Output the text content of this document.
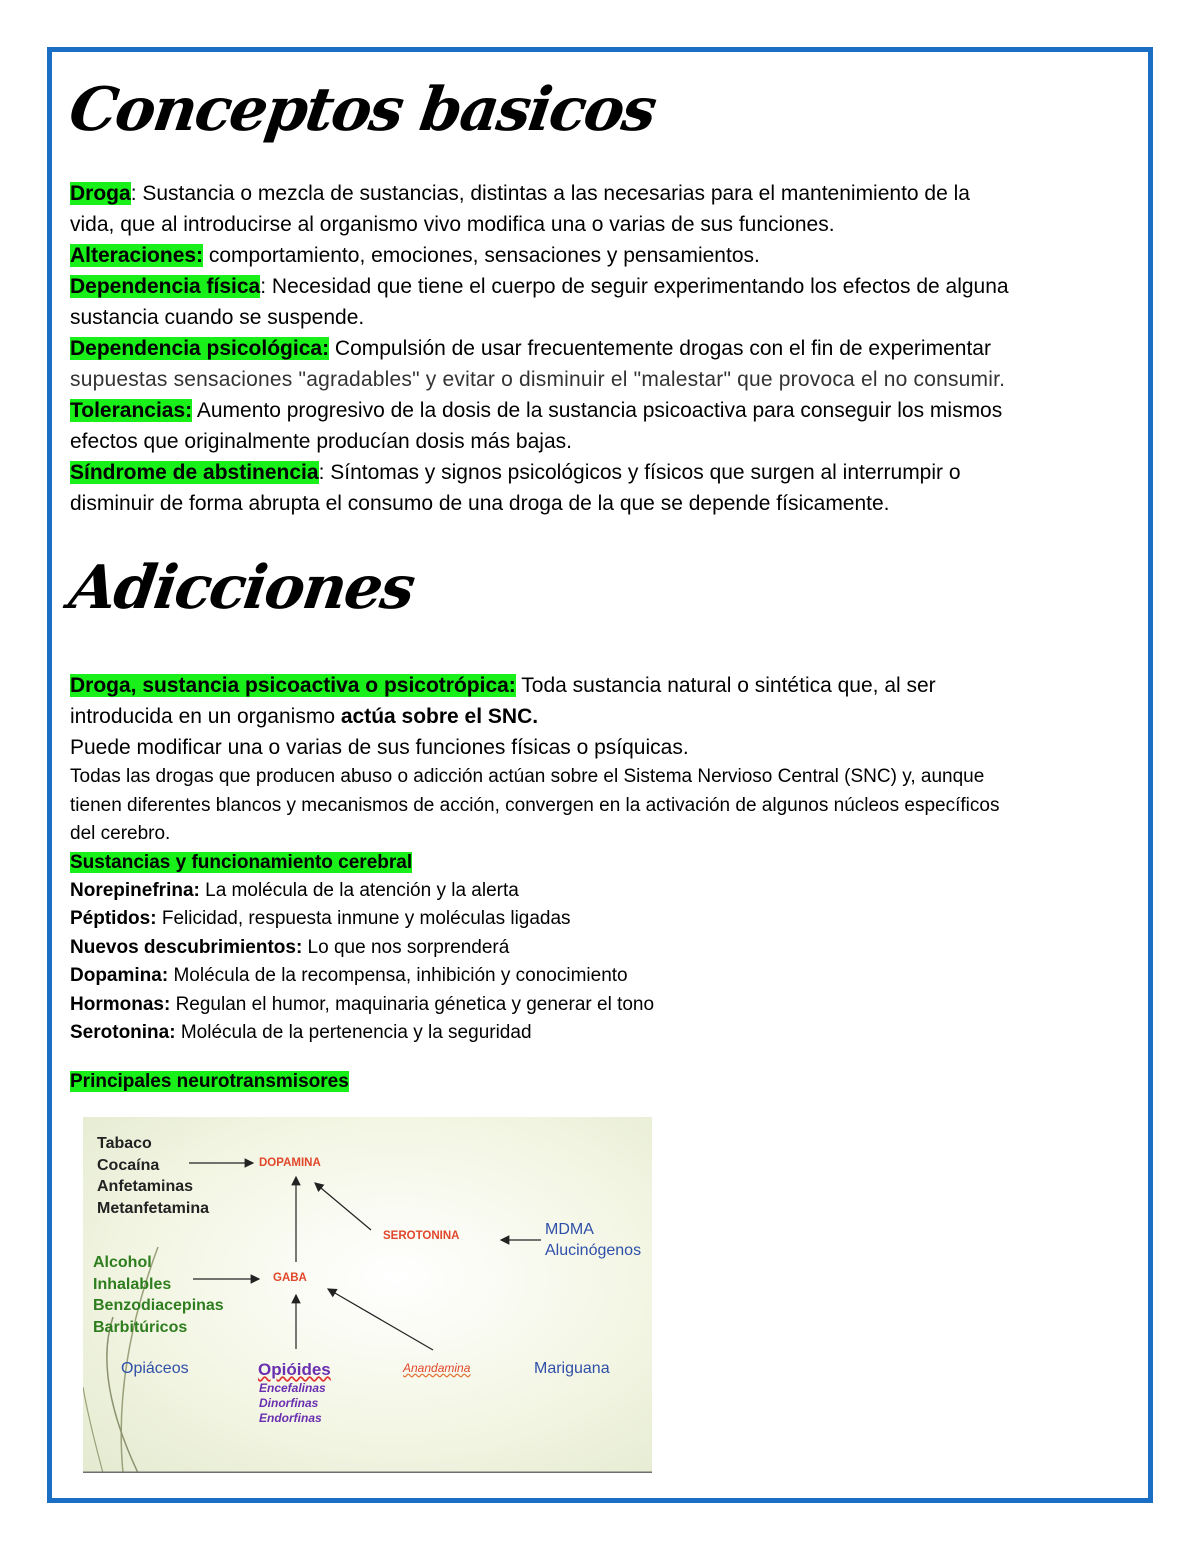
Conceptos basicos
Droga: Sustancia o mezcla de sustancias, distintas a las necesarias para el mantenimiento de la
vida, que al introducirse al organismo vivo modifica una o varias de sus funciones.
Alteraciones: comportamiento, emociones, sensaciones y pensamientos.
Dependencia física: Necesidad que tiene el cuerpo de seguir experimentando los efectos de alguna
sustancia cuando se suspende.
Dependencia psicológica: Compulsión de usar frecuentemente drogas con el fin de experimentar
supuestas sensaciones "agradables" y evitar o disminuir el "malestar" que provoca el no consumir.
Tolerancias: Aumento progresivo de la dosis de la sustancia psicoactiva para conseguir los mismos
efectos que originalmente producían dosis más bajas.
Síndrome de abstinencia: Síntomas y signos psicológicos y físicos que surgen al interrumpir o
disminuir de forma abrupta el consumo de una droga de la que se depende físicamente.
Adicciones
Droga, sustancia psicoactiva o psicotrópica: Toda sustancia natural o sintética que, al ser
introducida en un organismo actúa sobre el SNC.
Puede modificar una o varias de sus funciones físicas o psíquicas.
Todas las drogas que producen abuso o adicción actúan sobre el Sistema Nervioso Central (SNC) y, aunque
tienen diferentes blancos y mecanismos de acción, convergen en la activación de algunos núcleos específicos
del cerebro.
Sustancias y funcionamiento cerebral
Norepinefrina: La molécula de la atención y la alerta
Péptidos: Felicidad, respuesta inmune y moléculas ligadas
Nuevos descubrimientos: Lo que nos sorprenderá
Dopamina: Molécula de la recompensa, inhibición y conocimiento
Hormonas: Regulan el humor, maquinaria génetica y generar el tono
Serotonina: Molécula de la pertenencia y la seguridad
Principales neurotransmisores
Tabaco
Cocaína
Anfetaminas
Metanfetamina
Alcohol
Inhalables
Benzodiacepinas
Barbitúricos
DOPAMINA
SEROTONINA
GABA
MDMA
Alucinógenos
Opiáceos	Opióides
Encefalinas
Dinorfinas
Endorfinas
Anandamina	Mariguana
